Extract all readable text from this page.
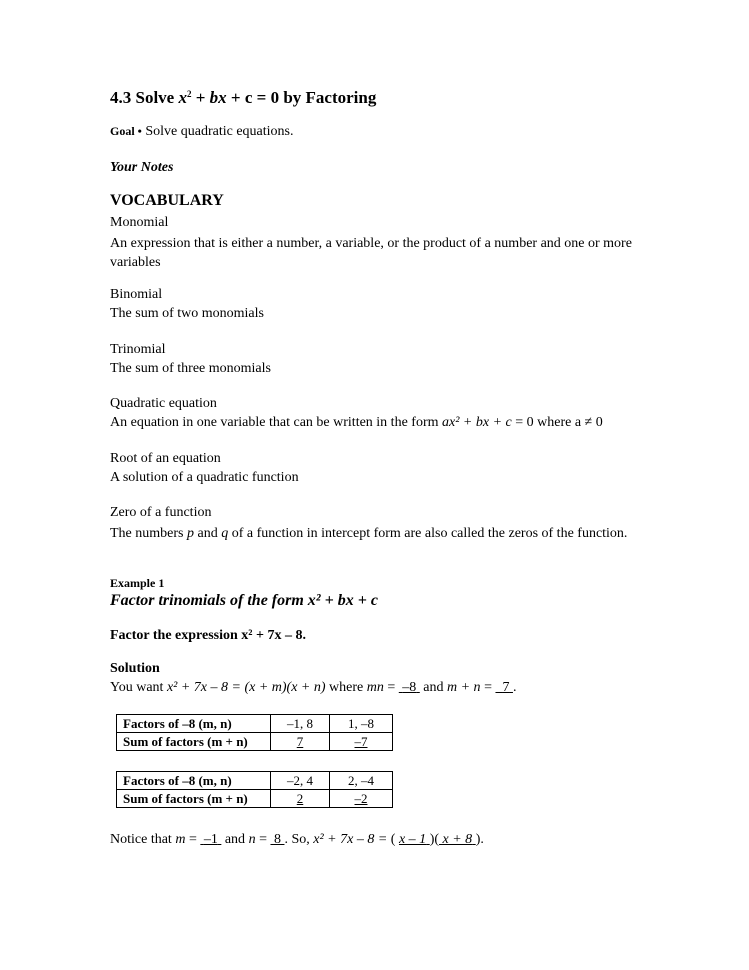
4.3 Solve $x^2$ + bx + c = 0 by Factoring
Goal • Solve quadratic equations.
Your Notes
VOCABULARY
Monomial
An expression that is either a number, a variable, or the product of a number and one or more variables
Binomial
The sum of two monomials
Trinomial
The sum of three monomials
Quadratic equation
An equation in one variable that can be written in the form ax² + bx + c = 0 where a ≠ 0
Root of an equation
A solution of a quadratic function
Zero of a function
The numbers p and q of a function in intercept form are also called the zeros of the function.
Example 1
Factor trinomials of the form x² + bx + c
Factor the expression x² + 7x – 8.
Solution
You want x² + 7x – 8 = (x + m)(x + n) where mn =  –8  and m + n =   7 .
Factors of –8 (m, n)	–1, 8	1, –8
Sum of factors (m + n)	7	–7
Factors of –8 (m, n)	–2, 4	2, –4
Sum of factors (m + n)	2	–2
Notice that m =  –1  and n =  8 . So, x² + 7x – 8 = ( x – 1 )( x + 8 ).
